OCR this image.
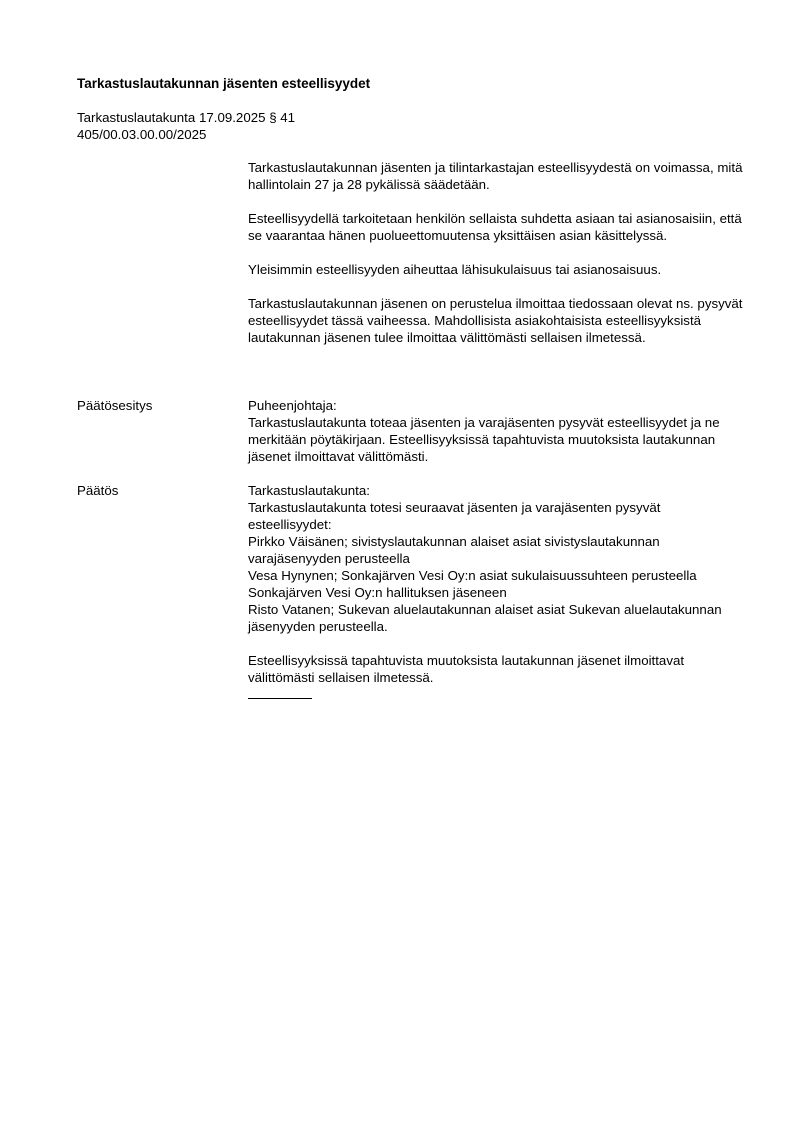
Tarkastuslautakunnan jäsenten esteellisyydet
Tarkastuslautakunta 17.09.2025 § 41
405/00.03.00.00/2025

Tarkastuslautakunnan jäsenten ja tilintarkastajan esteellisyydestä on voimassa, mitä hallintolain 27 ja 28 pykälissä säädetään.

Esteellisyydellä tarkoitetaan henkilön sellaista suhdetta asiaan tai asianosaisiin, että se vaarantaa hänen puolueettomuutensa yksittäisen asian käsittelyssä.

Yleisimmin esteellisyyden aiheuttaa lähisukulaisuus tai asianosaisuus.

Tarkastuslautakunnan jäsenen on perustelua ilmoittaa tiedossaan olevat ns. pysyvät esteellisyydet tässä vaiheessa. Mahdollisista asiakohtaisista esteellisyyksistä lautakunnan jäsenen tulee ilmoittaa välittömästi sellaisen ilmetessä.

Päätösesitys	Puheenjohtaja:
Tarkastuslautakunta toteaa jäsenten ja varajäsenten pysyvät esteellisyydet ja ne merkitään pöytäkirjaan. Esteellisyyksissä tapahtuvista muutoksista lautakunnan jäsenet ilmoittavat välittömästi.
Päätös	Tarkastuslautakunta:
Tarkastuslautakunta totesi seuraavat jäsenten ja varajäsenten pysyvät esteellisyydet:
Pirkko Väisänen; sivistyslautakunnan alaiset asiat sivistyslautakunnan varajäsenyyden perusteella
Vesa Hynynen; Sonkajärven Vesi Oy:n asiat sukulaisuussuhteen perusteella Sonkajärven Vesi Oy:n hallituksen jäseneen
Risto Vatanen; Sukevan aluelautakunnan alaiset asiat Sukevan aluelautakunnan jäsenyyden perusteella.
Esteellisyyksissä tapahtuvista muutoksista lautakunnan jäsenet ilmoittavat välittömästi sellaisen ilmetessä.
